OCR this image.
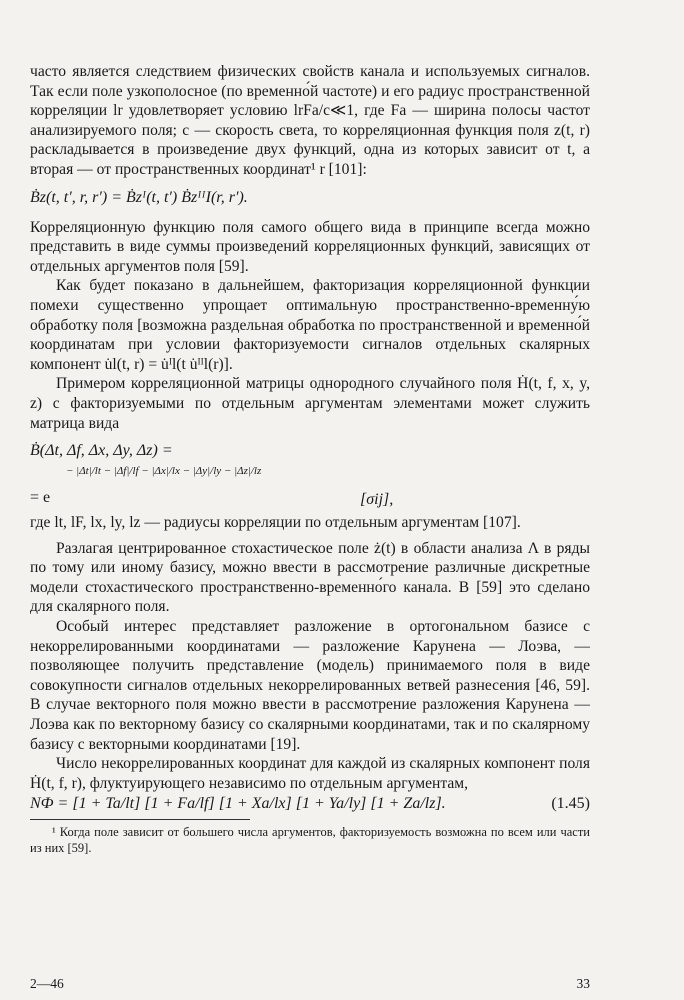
часто является следствием физических свойств канала и используемых сигналов. Так если поле узкополосное (по временно́й частоте) и его радиус пространственной корреляции lr удовлетворяет условию lrFa/c≪1, где Fa — ширина полосы частот анализируемого поля; с — скорость света, то корреляционная функция поля z(t, r) раскладывается в произведение двух функций, одна из которых зависит от t, а вторая — от пространственных координат¹ r [101]:

Ḃz(t, t′, r, r′) = Ḃzᴵ(t, t′) ḂzᴵᴵІ(r, r′).

Корреляционную функцию поля самого общего вида в принципе всегда можно представить в виде суммы произведений корреляционных функций, зависящих от отдельных аргументов поля [59].

Как будет показано в дальнейшем, факторизация корреляционной функции помехи существенно упрощает оптимальную пространственно-временну́ю обработку поля [возможна раздельная обработка по пространственной и временно́й координатам при условии факторизуемости сигналов отдельных скалярных компонент u̇l(t, r) = u̇ᴵl(t u̇ᴵᴵl(r)].

Примером корреляционной матрицы однородного случайного поля Ḣ(t, f, x, y, z) с факторизуемыми по отдельным аргументам элементами может служить матрица вида

Ḃ(Δt, Δf, Δx, Δy, Δz) =
− |Δt|/lt − |Δf|/lf − |Δx|/lx − |Δy|/ly − |Δz|/lz
= e	[σij],

где lt, lF, lx, ly, lz — радиусы корреляции по отдельным аргументам [107].

Разлагая центрированное стохастическое поле ż(t) в области анализа Λ в ряды по тому или иному базису, можно ввести в рассмотрение различные дискретные модели стохастического пространственно-временно́го канала. В [59] это сделано для скалярного поля.

Особый интерес представляет разложение в ортогональном базисе с некоррелированными координатами — разложение Карунена — Лоэва, — позволяющее получить представление (модель) принимаемого поля в виде совокупности сигналов отдельных некоррелированных ветвей разнесения [46, 59]. В случае векторного поля можно ввести в рассмотрение разложения Карунена — Лоэва как по векторному базису со скалярными координатами, так и по скалярному базису с векторными координатами [19].

Число некоррелированных координат для каждой из скалярных компонент поля Ḣ(t, f, r), флуктуирующего независимо по отдельным аргументам,

NФ = [1 + Ta/lt] [1 + Fa/lf] [1 + Xa/lx] [1 + Ya/ly] [1 + Za/lz].	(1.45)

¹ Когда поле зависит от большего числа аргументов, факторизуемость возможна по всем или части из них [59].

2—46	33
